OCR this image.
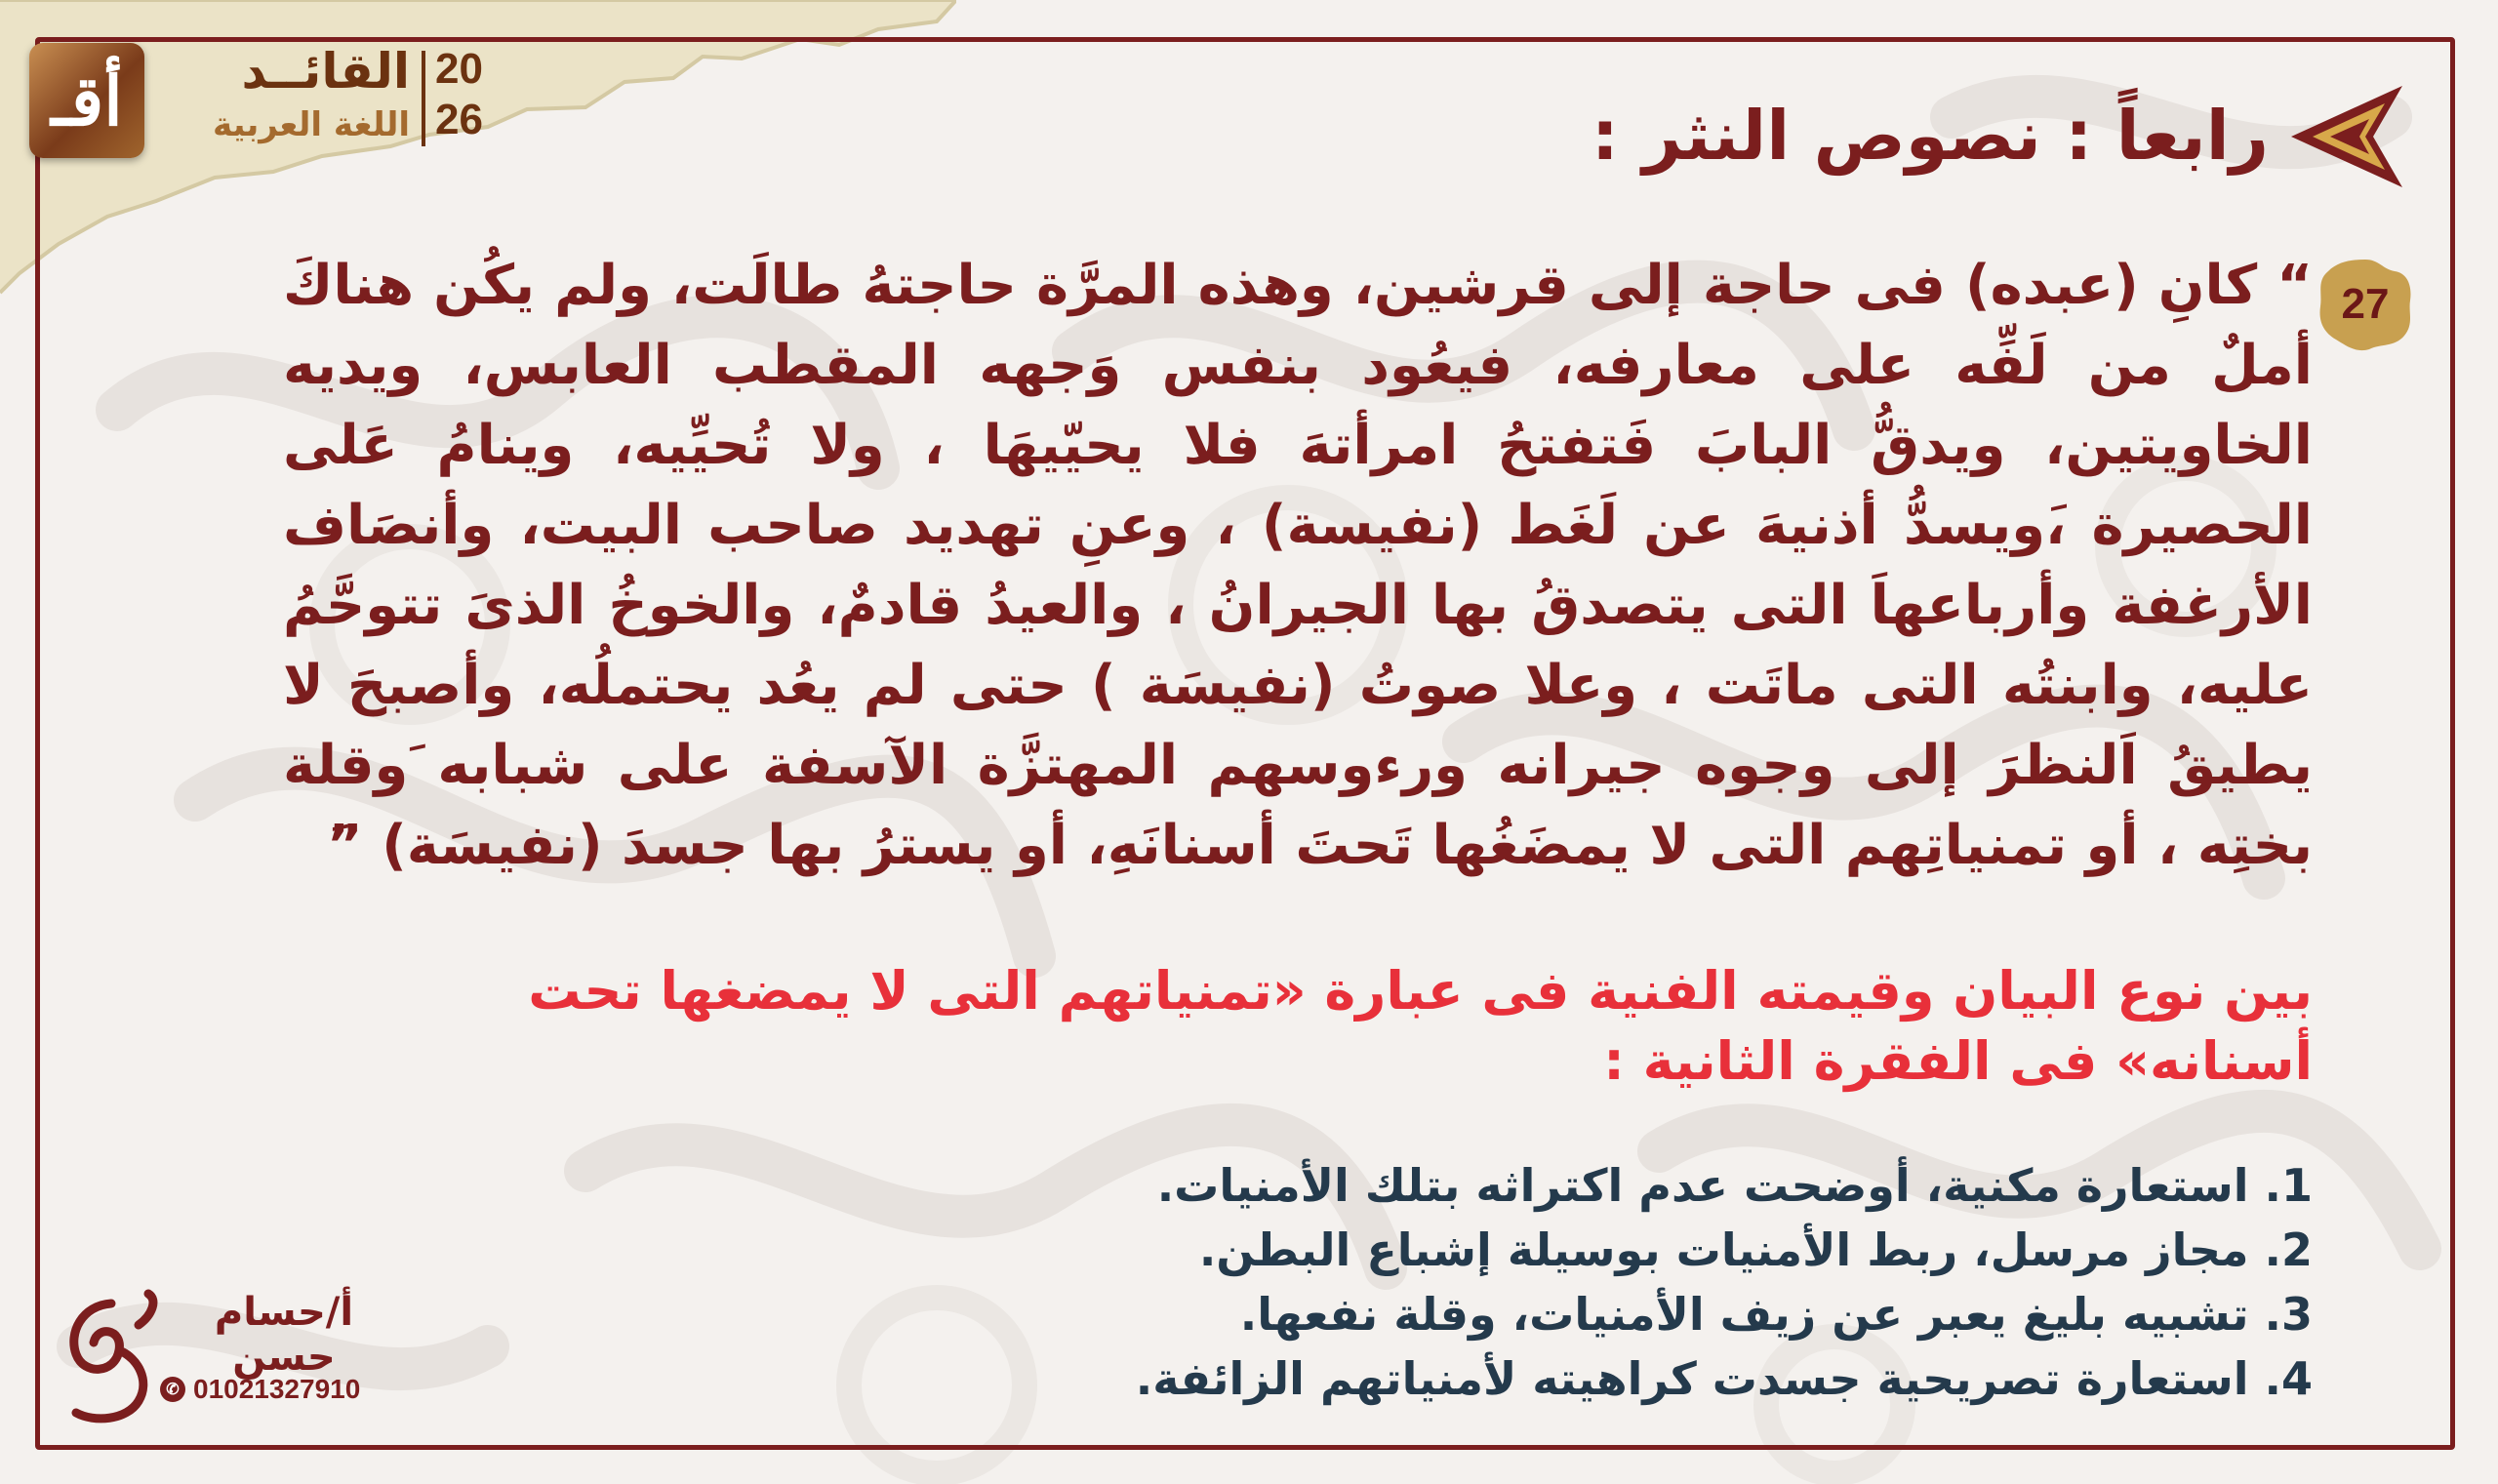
أقـ	القائــد
اللغة العربية
20
26	رابعاً : نصوص النثر :
27
“ كانِ (عبده) فى حاجة إلى قرشين، وهذه المرَّة حاجتهُ طالَت، ولم يكُن هناكَ أملٌ من لَفِّه على معارفه، فيعُود بنفس وَجهه المقطب العابس، ويديه الخاويتين، ويدقُّ البابَ فَتفتحُ امرأتهَ فلا يحيّيهَا ، ولا تُحيِّيه، وينامُ عَلى الحصيرة ،َويسدُّ أذنيهَ عن لَغَط (نفيسة) ، وعنِ تهديد صاحب البيت، وأنصَاف الأرغفة وأرباعهاَ التى يتصدقُ بها الجيرانُ ، والعيدُ قادمٌ، والخوخُ الذىَ تتوحَّمُ عليه، وابنتُه التى ماتَت ، وعلا صوتُ (نفيسَة ) حتى لم يعُد يحتملُه، وأصبحَ لا يطيقُ اَلنظرَ إلى وجوه جيرانه ورءوسهم المهتزَّة الآسفة على شبابه َوقلة بختِه ، أو تمنياتِهم التى لا يمضَغُها تَحتَ أسنانَهِ، أو يسترُ بها جسدَ (نفيسَة) ”َ
بين نوع البيان وقيمته الفنية فى عبارة «تمنياتهم التى لا يمضغها تحت أسنانه» فى الفقرة الثانية :
1. استعارة مكنية، أوضحت عدم اكتراثه بتلك الأمنيات.
2. مجاز مرسل، ربط الأمنيات بوسيلة إشباع البطن.
3. تشبيه بليغ يعبر عن زيف الأمنيات، وقلة نفعها.
4. استعارة تصريحية جسدت كراهيته لأمنياتهم الزائفة.
أ/حسام حسن
✆ 01021327910
